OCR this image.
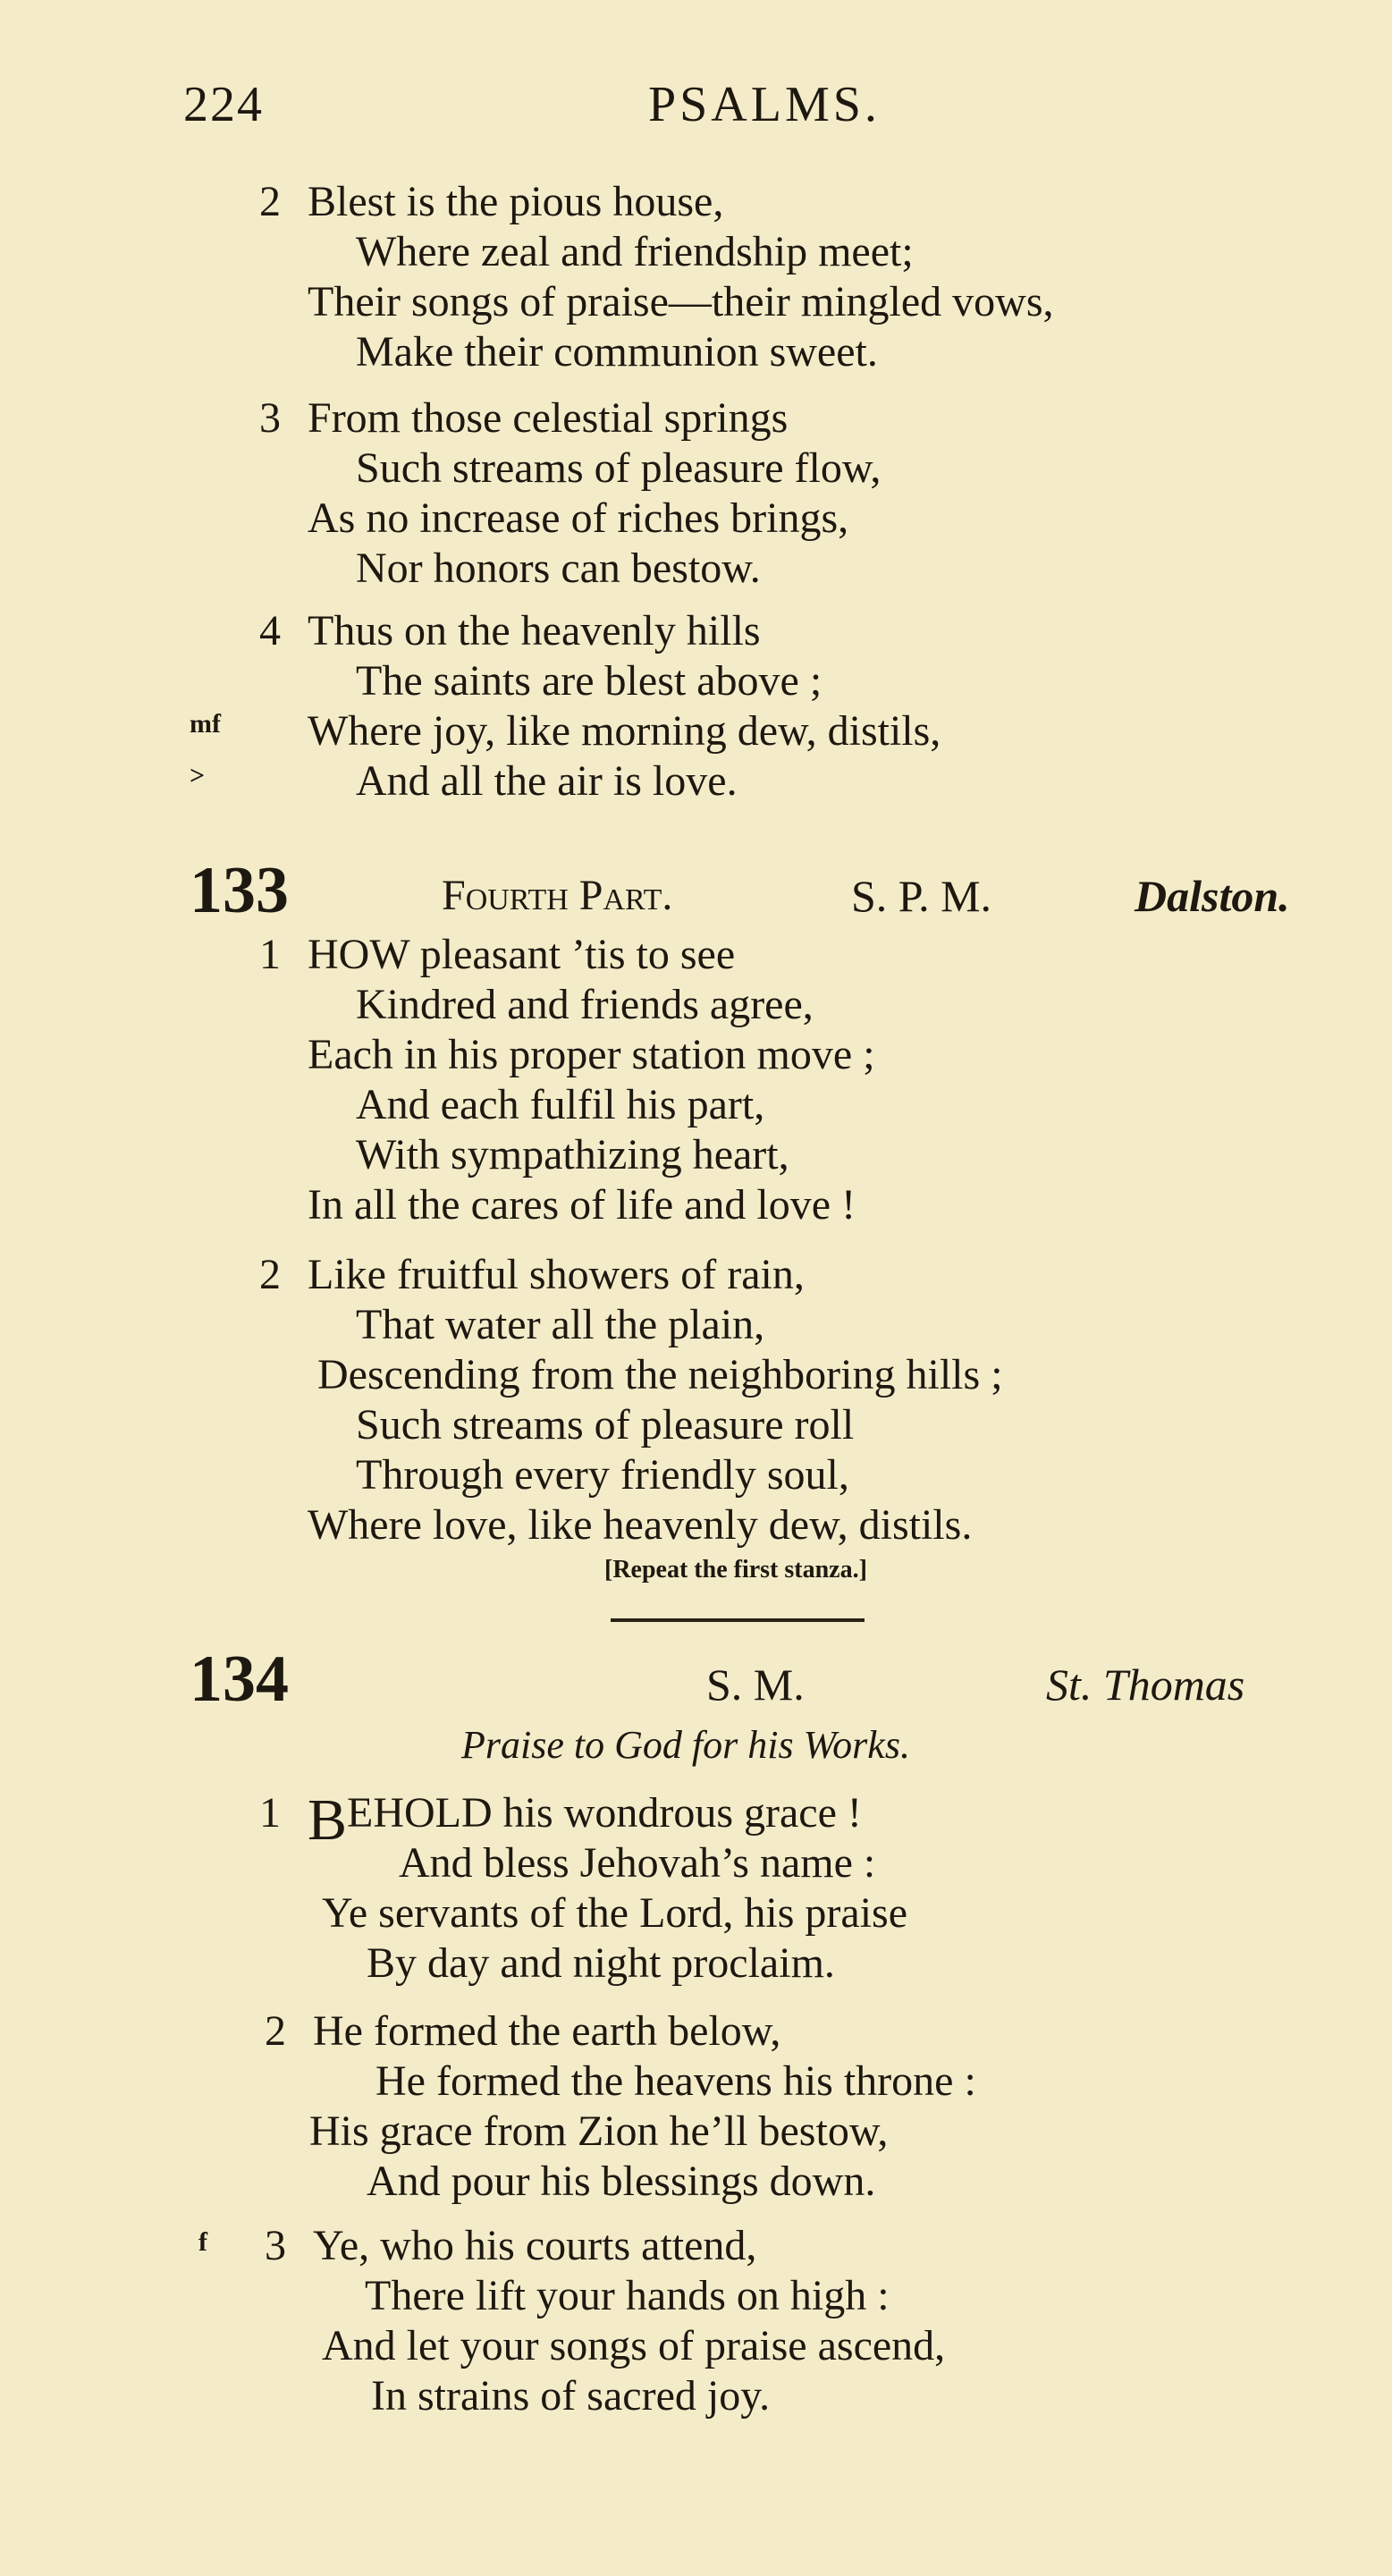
224	PSALMS.
2 Blest is the pious house,
Where zeal and friendship meet;
Their songs of praise—their mingled vows,
Make their communion sweet.
3 From those celestial springs
Such streams of pleasure flow,
As no increase of riches brings,
Nor honors can bestow.
4 Thus on the heavenly hills
The saints are blest above ;
mf Where joy, like morning dew, distils,
>	And all the air is love.
133	Fourth Part.	S. P. M.	Dalston.
1 HOW pleasant ’tis to see
Kindred and friends agree,
Each in his proper station move ;
And each fulfil his part,
With sympathizing heart,
In all the cares of life and love !
2 Like fruitful showers of rain,
That water all the plain,
Descending from the neighboring hills ;
Such streams of pleasure roll
Through every friendly soul,
Where love, like heavenly dew, distils.
[Repeat the first stanza.]
134	S. M.	St. Thomas
Praise to God for his Works.
1 BEHOLD his wondrous grace !
And bless Jehovah’s name :
Ye servants of the Lord, his praise
By day and night proclaim.
2 He formed the earth below,
He formed the heavens his throne :
His grace from Zion he’ll bestow,
And pour his blessings down.
f 3 Ye, who his courts attend,
There lift your hands on high :
And let your songs of praise ascend,
In strains of sacred joy.
